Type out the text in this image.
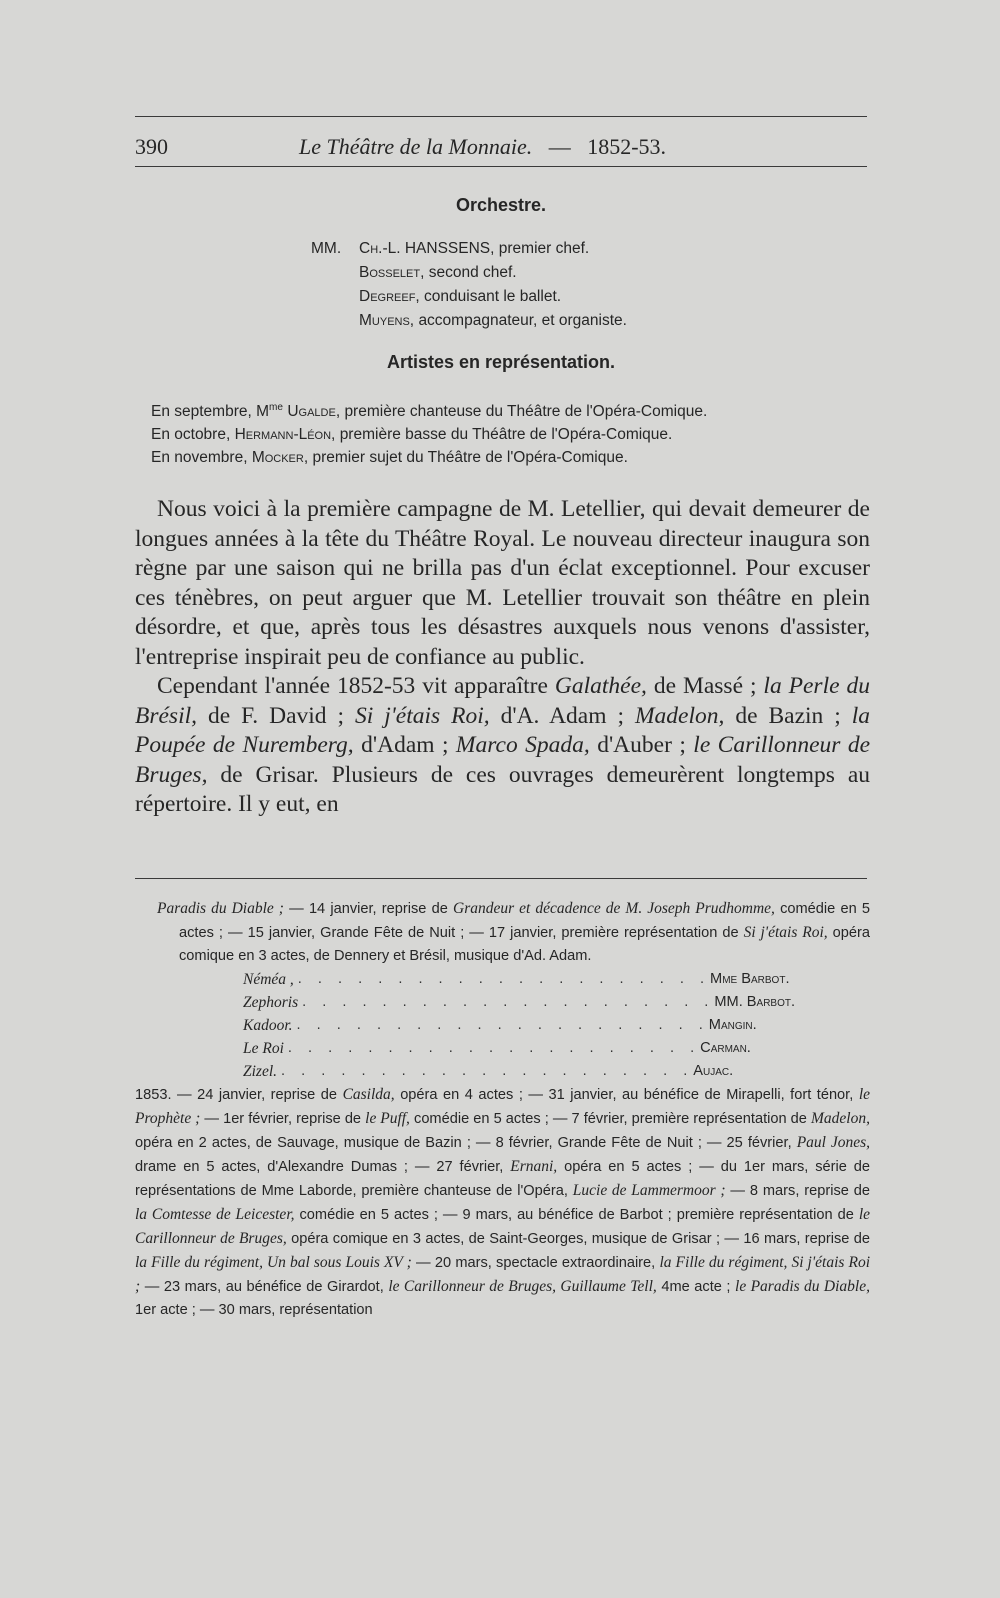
390	Le Théâtre de la Monnaie. — 1852-53.
Orchestre.
MM. Ch.-L. HANSSENS, premier chef.
Bosselet, second chef.
Degreef, conduisant le ballet.
Muyens, accompagnateur, et organiste.
Artistes en représentation.
En septembre, $M^{me}$ Ugalde, première chanteuse du Théâtre de l'Opéra-Comique.
En octobre, Hermann-Léon, première basse du Théâtre de l'Opéra-Comique.
En novembre, Mocker, premier sujet du Théâtre de l'Opéra-Comique.

Nous voici à la première campagne de M. Letellier, qui devait demeurer de longues années à la tête du Théâtre Royal. Le nouveau directeur inaugura son règne par une saison qui ne brilla pas d'un éclat exceptionnel. Pour excuser ces ténèbres, on peut arguer que M. Letellier trouvait son théâtre en plein désordre, et que, après tous les désastres auxquels nous venons d'assister, l'entreprise inspirait peu de confiance au public.

Cependant l'année 1852-53 vit apparaître Galathée, de Massé ; la Perle du Brésil, de F. David ; Si j'étais Roi, d'A. Adam ; Madelon, de Bazin ; la Poupée de Nuremberg, d'Adam ; Marco Spada, d'Auber ; le Carillonneur de Bruges, de Grisar. Plusieurs de ces ouvrages demeurèrent longtemps au répertoire. Il y eut, en

Paradis du Diable ; — 14 janvier, reprise de Grandeur et décadence de M. Joseph Prudhomme, comédie en 5 actes ; — 15 janvier, Grande Fête de Nuit ; — 17 janvier, première représentation de Si j'étais Roi, opéra comique en 3 actes, de Dennery et Brésil, musique d'Ad. Adam.

Néméa , . . . . . . . . . . . . . . . . . . . . . Mme Barbot.
Zephoris . . . . . . . . . . . . . . . . . . . . . MM. Barbot.
Kadoor. . . . . . . . . . . . . . . . . . . . . . Mangin.
Le Roi . . . . . . . . . . . . . . . . . . . . . Carman.
Zizel. . . . . . . . . . . . . . . . . . . . . . Aujac.

1853. — 24 janvier, reprise de Casilda, opéra en 4 actes ; — 31 janvier, au bénéfice de Mirapelli, fort ténor, le Prophète ; — 1er février, reprise de le Puff, comédie en 5 actes ; — 7 février, première représentation de Madelon, opéra en 2 actes, de Sauvage, musique de Bazin ; — 8 février, Grande Fête de Nuit ; — 25 février, Paul Jones, drame en 5 actes, d'Alexandre Dumas ; — 27 février, Ernani, opéra en 5 actes ; — du 1er mars, série de représentations de Mme Laborde, première chanteuse de l'Opéra, Lucie de Lammermoor ; — 8 mars, reprise de la Comtesse de Leicester, comédie en 5 actes ; — 9 mars, au bénéfice de Barbot ; première représentation de le Carillonneur de Bruges, opéra comique en 3 actes, de Saint-Georges, musique de Grisar ; — 16 mars, reprise de la Fille du régiment, Un bal sous Louis XV ; — 20 mars, spectacle extraordinaire, la Fille du régiment, Si j'étais Roi ; — 23 mars, au bénéfice de Girardot, le Carillonneur de Bruges, Guillaume Tell, 4me acte ; le Paradis du Diable, 1er acte ; — 30 mars, représentation
